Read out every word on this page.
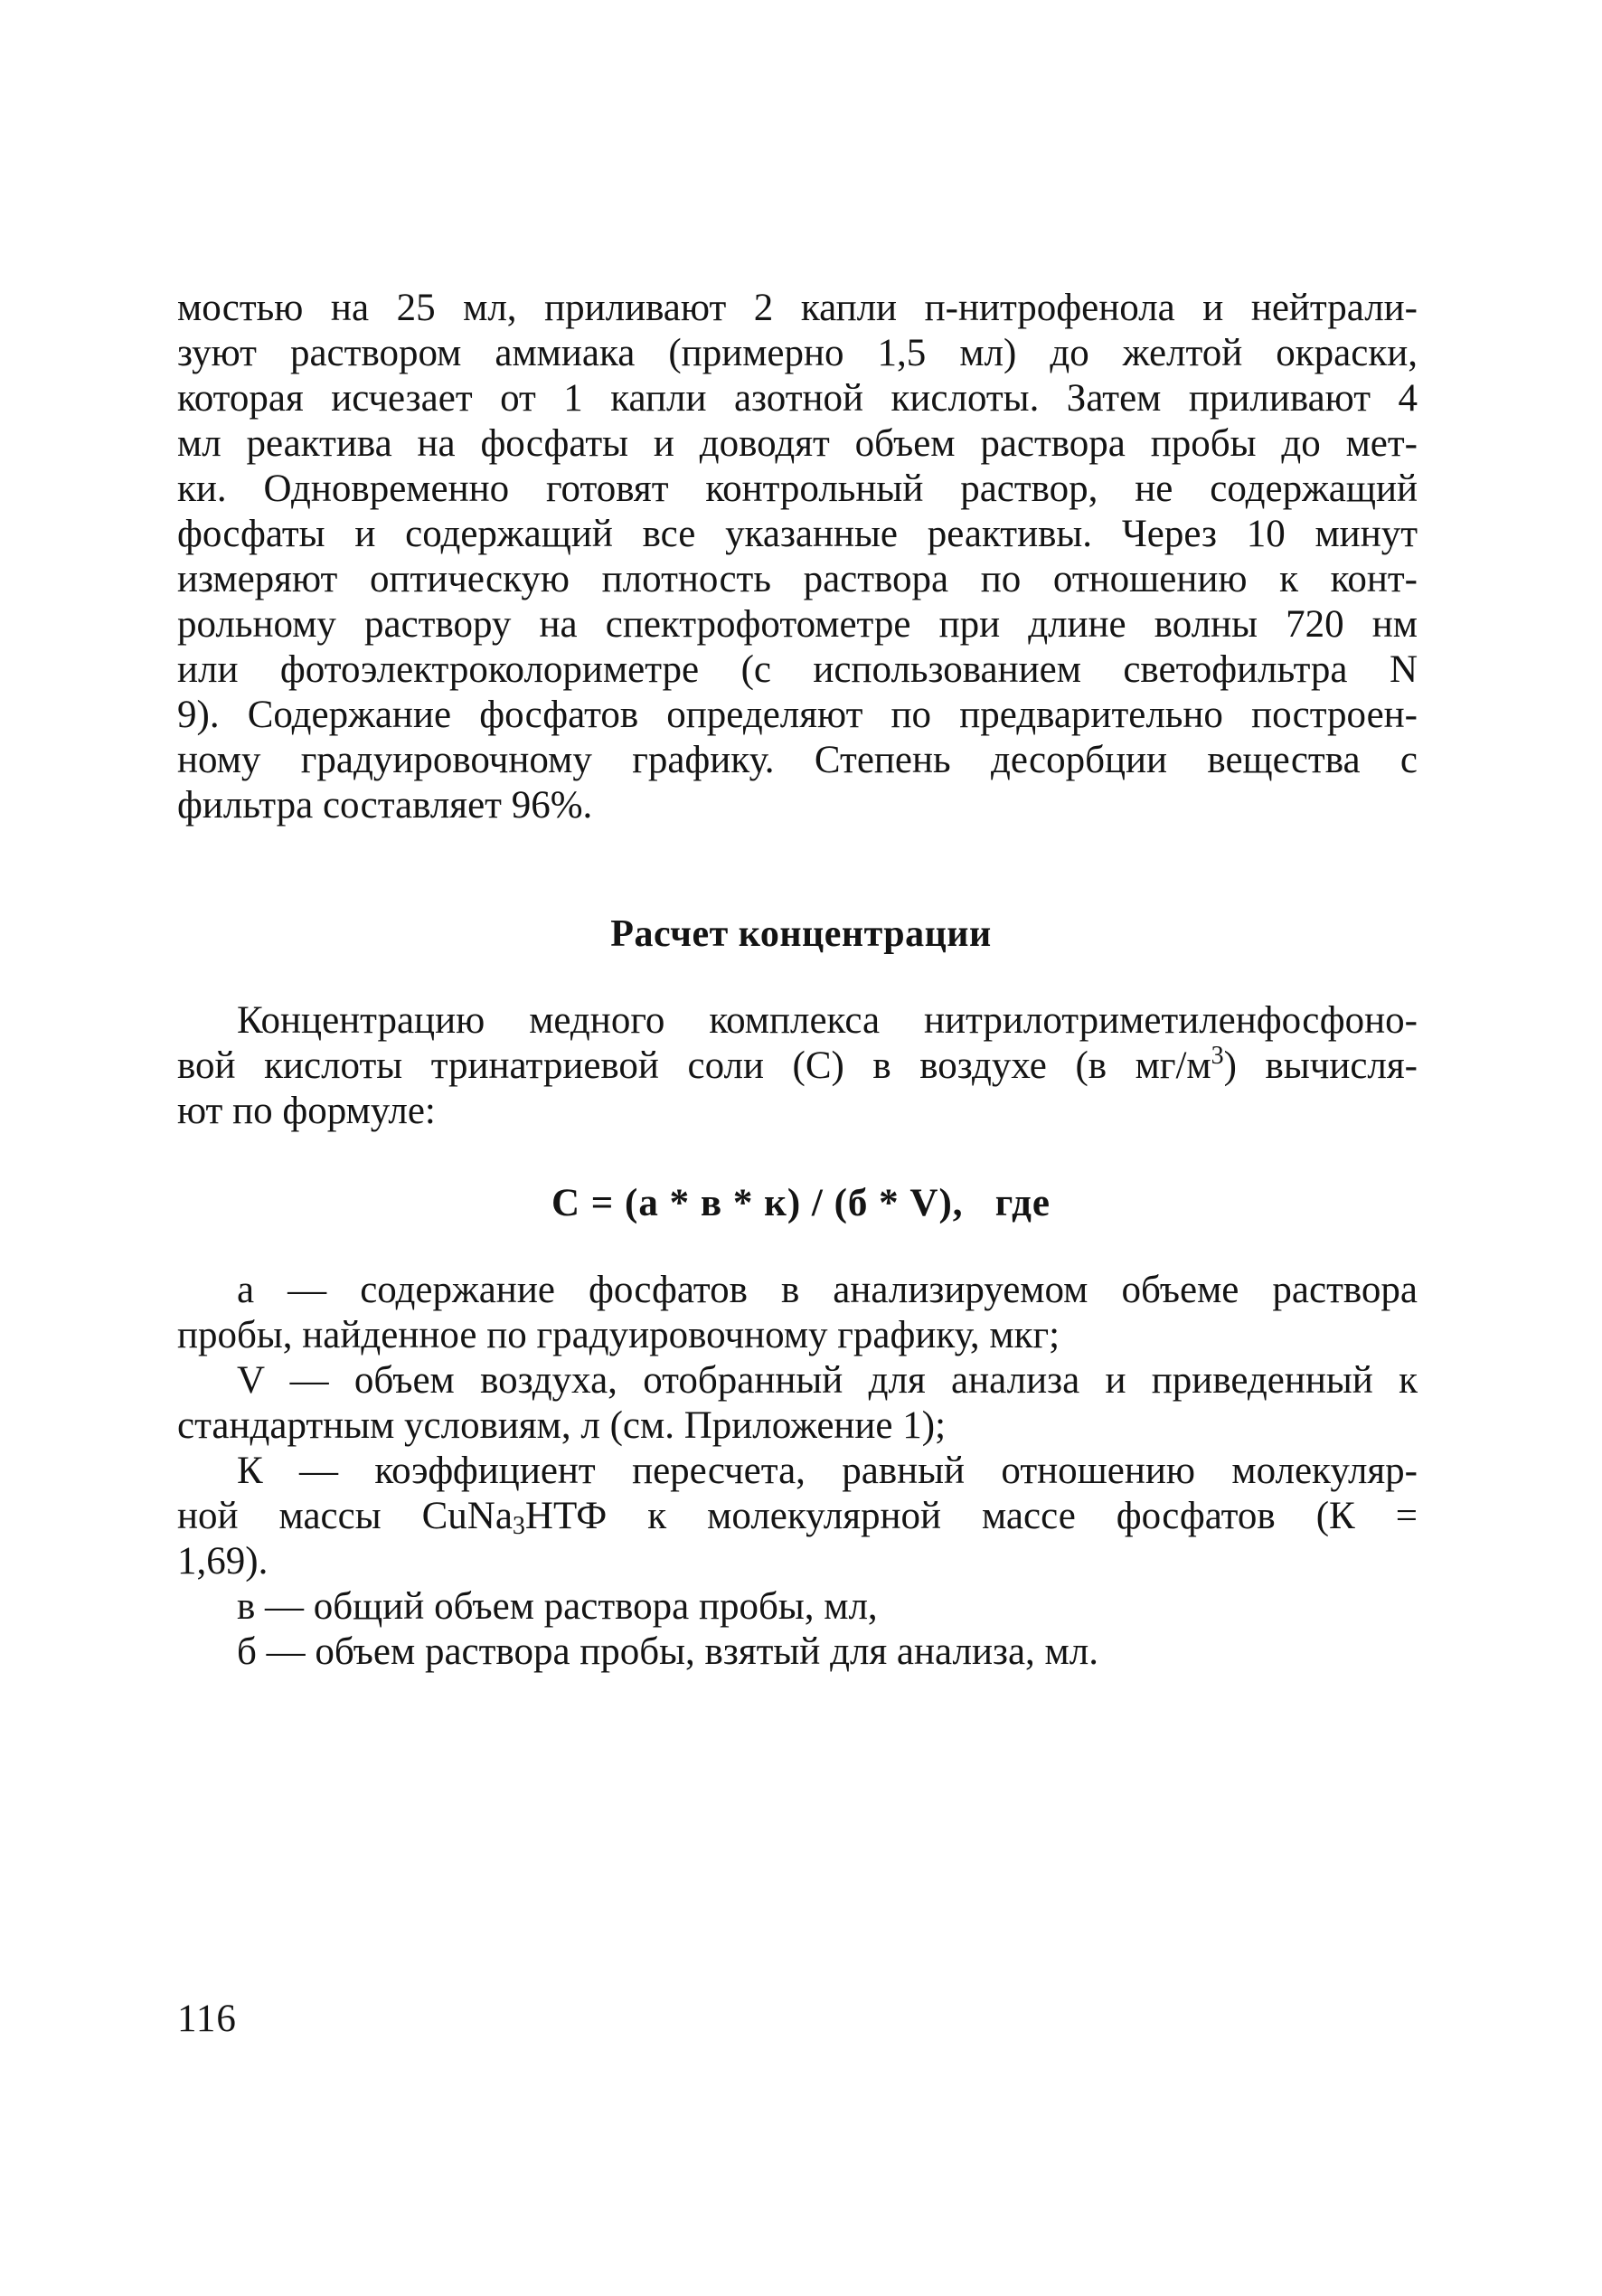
мостью на 25 мл, приливают 2 капли п-нитрофенола и нейтрали-
зуют раствором аммиака (примерно 1,5 мл) до желтой окраски,
которая исчезает от 1 капли азотной кислоты. Затем приливают 4
мл реактива на фосфаты и доводят объем раствора пробы до мет-
ки. Одновременно готовят контрольный раствор, не содержащий
фосфаты и содержащий все указанные реактивы. Через 10 минут
измеряют оптическую плотность раствора по отношению к конт-
рольному раствору на спектрофотометре при длине волны 720 нм
или фотоэлектроколориметре (с использованием светофильтра N
9). Содержание фосфатов определяют по предварительно построен-
ному градуировочному графику. Степень десорбции вещества с
фильтра составляет 96%.
Расчет концентрации
Концентрацию медного комплекса нитрилотриметиленфосфоно-
вой кислоты тринатриевой соли (С) в воздухе (в $мг/м^3$) вычисля-
ют по формуле:
С = (а * в * к) / (б * V),   где
а — содержание фосфатов в анализируемом объеме раствора
пробы, найденное по градуировочному графику, мкг;
V — объем воздуха, отобранный для анализа и приведенный к
стандартным условиям, л (см. Приложение 1);
К — коэффициент пересчета, равный отношению молекуляр-
ной массы CuNa$_3$НТФ к молекулярной массе фосфатов (К =
1,69).
в — общий объем раствора пробы, мл,
б — объем раствора пробы, взятый для анализа, мл.
116
